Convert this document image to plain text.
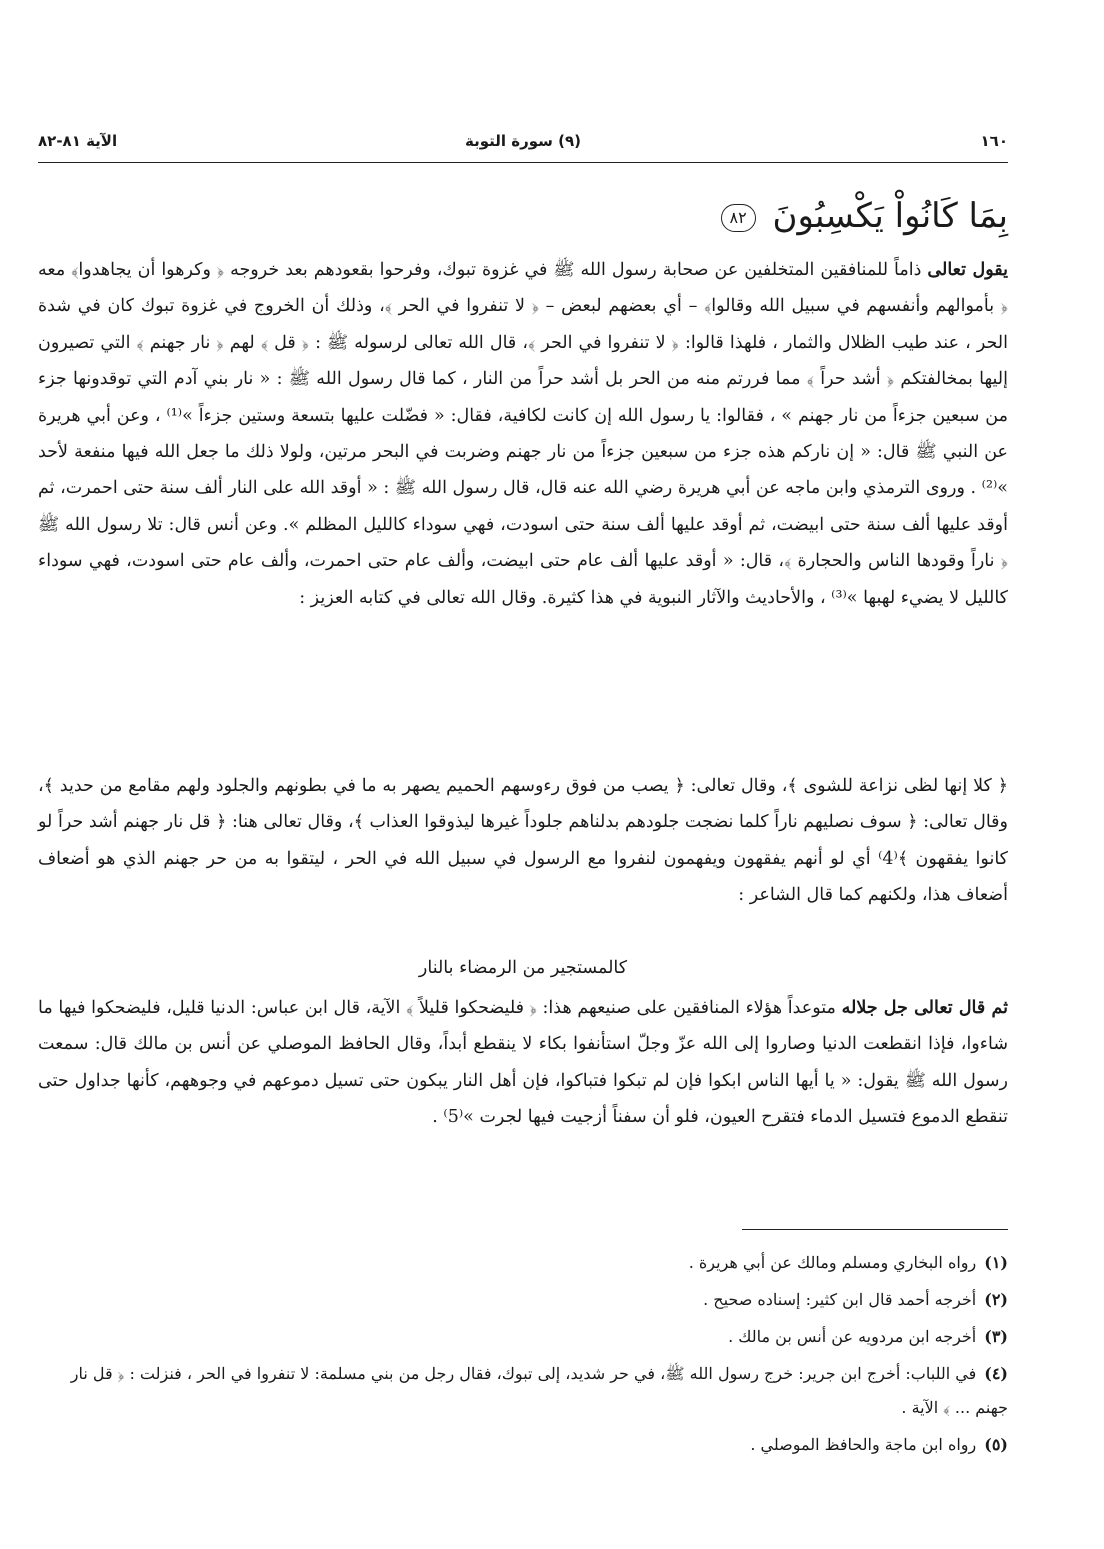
١٦٠
(٩) سورة التوبة
الآية ٨١-٨٢
بِمَا كَانُواْ يَكْسِبُونَ ٨٢

يقول تعالى ذاماً للمنافقين المتخلفين عن صحابة رسول الله ﷺ في غزوة تبوك، وفرحوا بقعودهم بعد خروجه ﴿ وكرهوا أن يجاهدوا﴾ معه ﴿ بأموالهم وأنفسهم في سبيل الله وقالوا﴾ – أي بعضهم لبعض – ﴿ لا تنفروا في الحر ﴾، وذلك أن الخروج في غزوة تبوك كان في شدة الحر ، عند طيب الظلال والثمار ، فلهذا قالوا: ﴿ لا تنفروا في الحر ﴾، قال الله تعالى لرسوله ﷺ : ﴿ قل ﴾ لهم ﴿ نار جهنم ﴾ التي تصيرون إليها بمخالفتكم ﴿ أشد حراً ﴾ مما فررتم منه من الحر بل أشد حراً من النار ، كما قال رسول الله ﷺ : « نار بني آدم التي توقدونها جزء من سبعين جزءاً من نار جهنم » ، فقالوا: يا رسول الله إن كانت لكافية، فقال: « فضّلت عليها بتسعة وستين جزءاً »⁽¹⁾ ، وعن أبي هريرة عن النبي ﷺ قال: « إن ناركم هذه جزء من سبعين جزءاً من نار جهنم وضربت في البحر مرتين، ولولا ذلك ما جعل الله فيها منفعة لأحد »⁽²⁾ . وروى الترمذي وابن ماجه عن أبي هريرة رضي الله عنه قال، قال رسول الله ﷺ : « أوقد الله على النار ألف سنة حتى احمرت، ثم أوقد عليها ألف سنة حتى ابيضت، ثم أوقد عليها ألف سنة حتى اسودت، فهي سوداء كالليل المظلم ». وعن أنس قال: تلا رسول الله ﷺ ﴿ ناراً وقودها الناس والحجارة ﴾، قال: « أوقد عليها ألف عام حتى ابيضت، وألف عام حتى احمرت، وألف عام حتى اسودت، فهي سوداء كالليل لا يضيء لهبها »⁽³⁾ ، والأحاديث والآثار النبوية في هذا كثيرة. وقال الله تعالى في كتابه العزيز :

﴿ كلا إنها لظى نزاعة للشوى ﴾، وقال تعالى: ﴿ يصب من فوق رءوسهم الحميم يصهر به ما في بطونهم والجلود ولهم مقامع من حديد ﴾، وقال تعالى: ﴿ سوف نصليهم ناراً كلما نضجت جلودهم بدلناهم جلوداً غيرها ليذوقوا العذاب ﴾، وقال تعالى هنا: ﴿ قل نار جهنم أشد حراً لو كانوا يفقهون ﴾⁽4⁾ أي لو أنهم يفقهون ويفهمون لنفروا مع الرسول في سبيل الله في الحر ، ليتقوا به من حر جهنم الذي هو أضعاف أضعاف هذا، ولكنهم كما قال الشاعر :

كالمستجير من الرمضاء بالنار

ثم قال تعالى جل جلاله متوعداً هؤلاء المنافقين على صنيعهم هذا: ﴿ فليضحكوا قليلاً ﴾ الآية، قال ابن عباس: الدنيا قليل، فليضحكوا فيها ما شاءوا، فإذا انقطعت الدنيا وصاروا إلى الله عزّ وجلّ استأنفوا بكاء لا ينقطع أبداً، وقال الحافظ الموصلي عن أنس بن مالك قال: سمعت رسول الله ﷺ يقول: « يا أيها الناس ابكوا فإن لم تبكوا فتباكوا، فإن أهل النار يبكون حتى تسيل دموعهم في وجوههم، كأنها جداول حتى تنقطع الدموع فتسيل الدماء فتقرح العيون، فلو أن سفناً أزجيت فيها لجرت »⁽5⁾ .

(١)رواه البخاري ومسلم ومالك عن أبي هريرة .
(٢)أخرجه أحمد قال ابن كثير: إسناده صحيح .
(٣)أخرجه ابن مردويه عن أنس بن مالك .
(٤)في اللباب: أخرج ابن جرير: خرج رسول الله ﷺ، في حر شديد، إلى تبوك، فقال رجل من بني مسلمة: لا تنفروا في الحر ، فنزلت : ﴿ قل نار جهنم ... ﴾ الآية .
(٥)رواه ابن ماجة والحافظ الموصلي .
